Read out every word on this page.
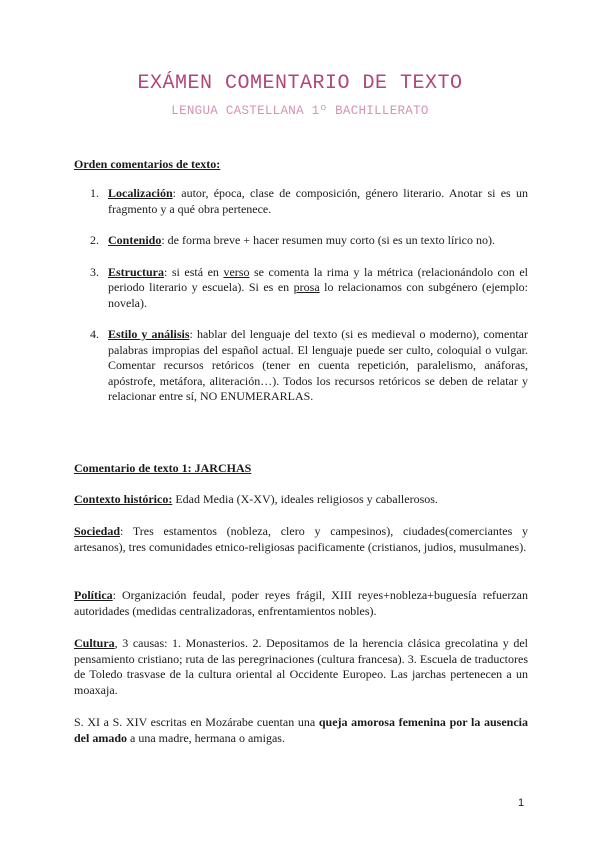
EXÁMEN COMENTARIO DE TEXTO
LENGUA CASTELLANA 1º BACHILLERATO
Orden comentarios de texto:
1. Localización: autor, época, clase de composición, género literario. Anotar si es un fragmento y a qué obra pertenece.
2. Contenido: de forma breve + hacer resumen muy corto (si es un texto lírico no).
3. Estructura: si está en verso se comenta la rima y la métrica (relacionándolo con el periodo literario y escuela). Si es en prosa lo relacionamos con subgénero (ejemplo: novela).
4. Estilo y análisis: hablar del lenguaje del texto (si es medieval o moderno), comentar palabras impropias del español actual. El lenguaje puede ser culto, coloquial o vulgar. Comentar recursos retóricos (tener en cuenta repetición, paralelismo, anáforas, apóstrofe, metáfora, aliteración…). Todos los recursos retóricos se deben de relatar y relacionar entre sí, NO ENUMERARLAS.
Comentario de texto 1: JARCHAS

Contexto histórico: Edad Media (X-XV), ideales religiosos y caballerosos.

Sociedad: Tres estamentos (nobleza, clero y campesinos), ciudades(comerciantes y artesanos), tres comunidades etnico-religiosas pacificamente (cristianos, judios, musulmanes).

Política: Organización feudal, poder reyes frágil, XIII reyes+nobleza+buguesía refuerzan autoridades (medidas centralizadoras, enfrentamientos nobles).

Cultura, 3 causas: 1. Monasterios. 2. Depositamos de la herencia clásica grecolatina y del pensamiento cristiano; ruta de las peregrinaciones (cultura francesa). 3. Escuela de traductores de Toledo trasvase de la cultura oriental al Occidente Europeo. Las jarchas pertenecen a un moaxaja.

S. XI a S. XIV escritas en Mozárabe cuentan una queja amorosa femenina por la ausencia del amado a una madre, hermana o amigas.

1
